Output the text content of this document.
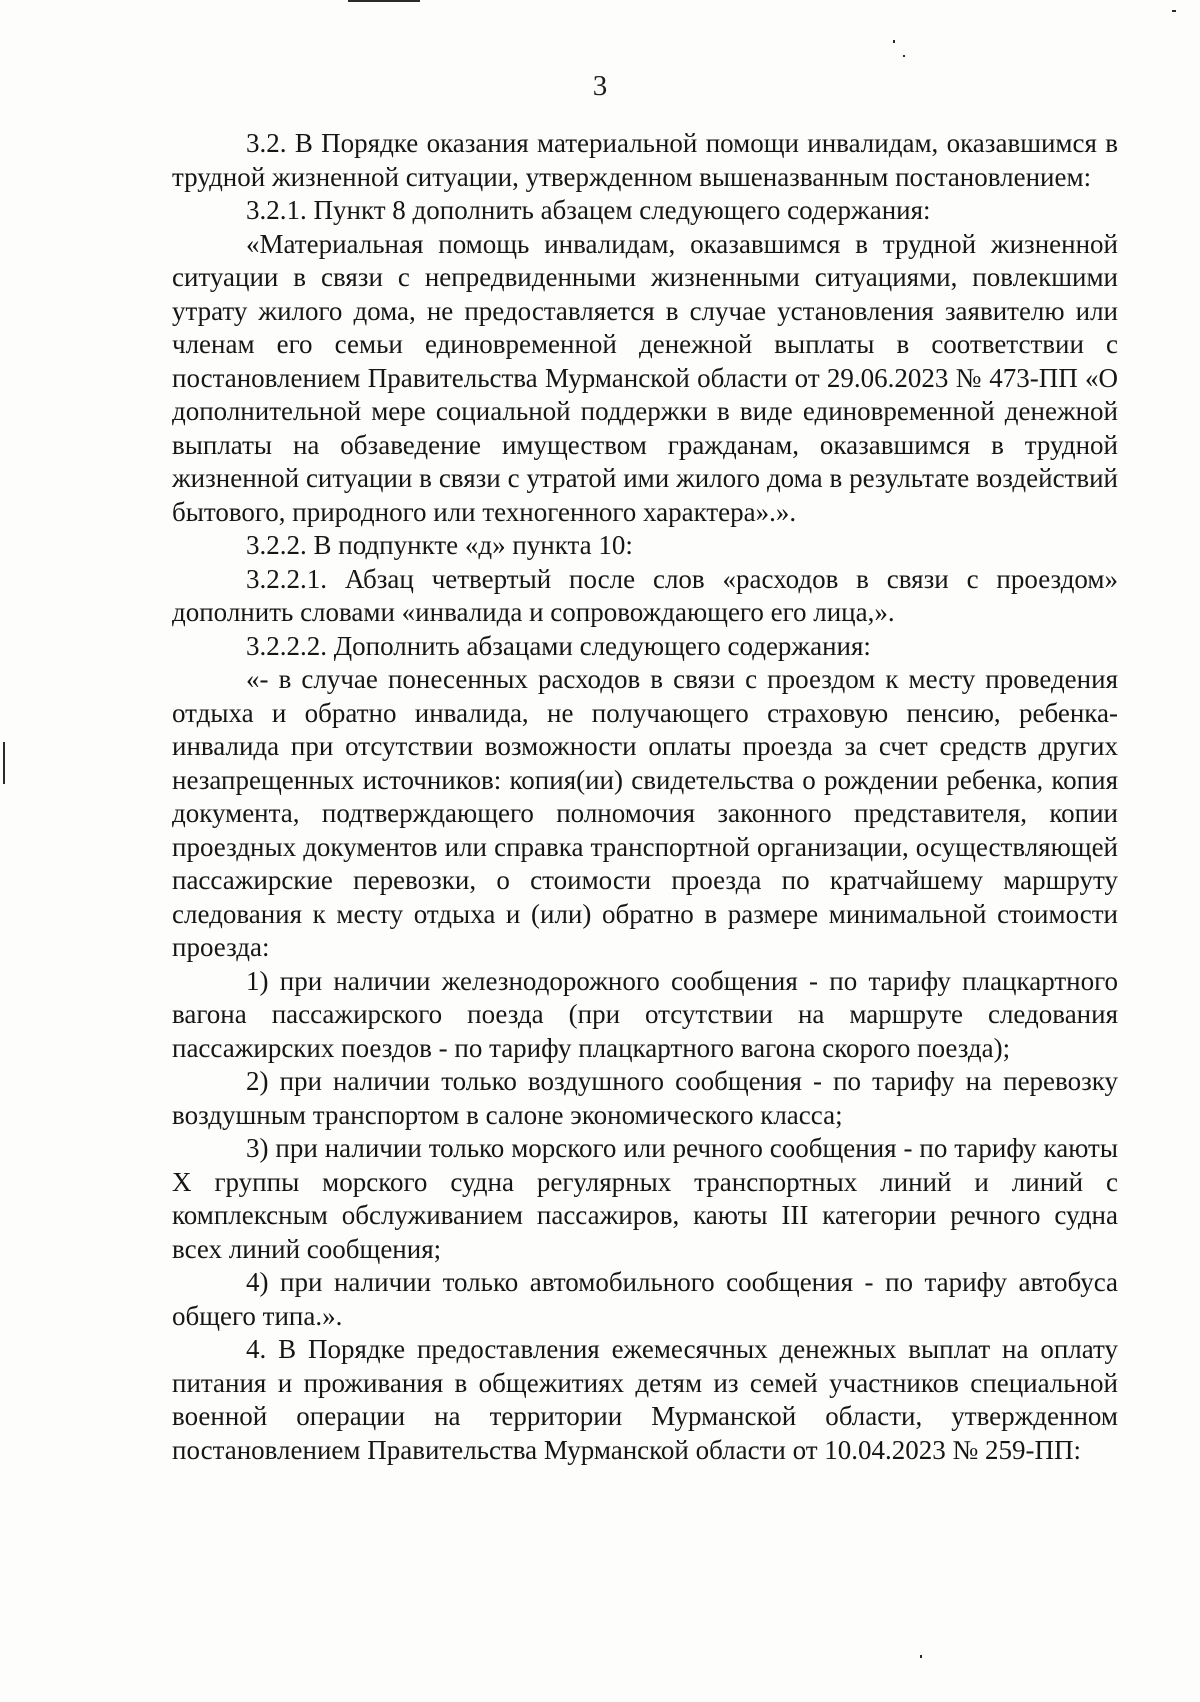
3

3.2. В Порядке оказания материальной помощи инвалидам, оказавшимся в трудной жизненной ситуации, утвержденном вышеназванным постановлением:

3.2.1. Пункт 8 дополнить абзацем следующего содержания:

«Материальная помощь инвалидам, оказавшимся в трудной жизненной ситуации в связи с непредвиденными жизненными ситуациями, повлекшими утрату жилого дома, не предоставляется в случае установления заявителю или членам его семьи единовременной денежной выплаты в соответствии с постановлением Правительства Мурманской области от 29.06.2023 № 473-ПП «О дополнительной мере социальной поддержки в виде единовременной денежной выплаты на обзаведение имуществом гражданам, оказавшимся в трудной жизненной ситуации в связи с утратой ими жилого дома в результате воздействий бытового, природного или техногенного характера».».

3.2.2. В подпункте «д» пункта 10:

3.2.2.1. Абзац четвертый после слов «расходов в связи с проездом» дополнить словами «инвалида и сопровождающего его лица,».

3.2.2.2. Дополнить абзацами следующего содержания:

«- в случае понесенных расходов в связи с проездом к месту проведения отдыха и обратно инвалида, не получающего страховую пенсию, ребенка-инвалида при отсутствии возможности оплаты проезда за счет средств других незапрещенных источников: копия(ии) свидетельства о рождении ребенка, копия документа, подтверждающего полномочия законного представителя, копии проездных документов или справка транспортной организации, осуществляющей пассажирские перевозки, о стоимости проезда по кратчайшему маршруту следования к месту отдыха и (или) обратно в размере минимальной стоимости проезда:

1) при наличии железнодорожного сообщения - по тарифу плацкартного вагона пассажирского поезда (при отсутствии на маршруте следования пассажирских поездов - по тарифу плацкартного вагона скорого поезда);

2) при наличии только воздушного сообщения - по тарифу на перевозку воздушным транспортом в салоне экономического класса;

3) при наличии только морского или речного сообщения - по тарифу каюты X группы морского судна регулярных транспортных линий и линий с комплексным обслуживанием пассажиров, каюты III категории речного судна всех линий сообщения;

4) при наличии только автомобильного сообщения - по тарифу автобуса общего типа.».

4. В Порядке предоставления ежемесячных денежных выплат на оплату питания и проживания в общежитиях детям из семей участников специальной военной операции на территории Мурманской области, утвержденном постановлением Правительства Мурманской области от 10.04.2023 № 259-ПП:
